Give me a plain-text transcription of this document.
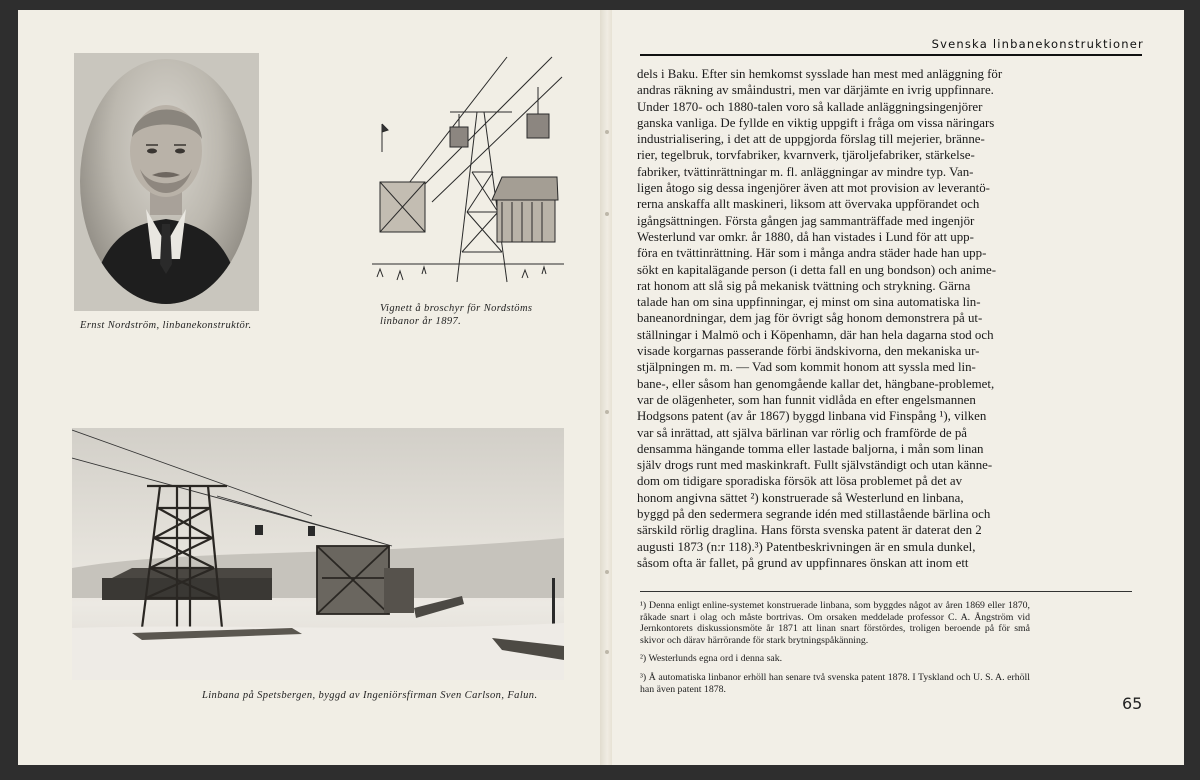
Ernst Nordström, linbanekonstruktör.
Vignett å broschyr för Nordstöms
linbanor år 1897.
Linbana på Spetsbergen, byggd av Ingeniörsfirman Sven Carlson, Falun.
Svenska linbanekonstruktioner

dels i Baku. Efter sin hemkomst sysslade han mest med anläggning för

andras räkning av småindustri, men var därjämte en ivrig uppfinnare.

Under 1870- och 1880-talen voro så kallade anläggningsingenjörer

ganska vanliga. De fyllde en viktig uppgift i fråga om vissa näringars

industrialisering, i det att de uppgjorda förslag till mejerier, bränne-

rier, tegelbruk, torvfabriker, kvarnverk, tjäroljefabriker, stärkelse-

fabriker, tvättinrättningar m. fl. anläggningar av mindre typ. Van-

ligen åtogo sig dessa ingenjörer även att mot provision av leverantö-

rerna anskaffa allt maskineri, liksom att övervaka uppförandet och

igångsättningen. Första gången jag sammanträffade med ingenjör

Westerlund var omkr. år 1880, då han vistades i Lund för att upp-

föra en tvättinrättning. Här som i många andra städer hade han upp-

sökt en kapitalägande person (i detta fall en ung bondson) och anime-

rat honom att slå sig på mekanisk tvättning och strykning. Gärna

talade han om sina uppfinningar, ej minst om sina automatiska lin-

baneanordningar, dem jag för övrigt såg honom demonstrera på ut-

ställningar i Malmö och i Köpenhamn, där han hela dagarna stod och

visade korgarnas passerande förbi ändskivorna, den mekaniska ur-

stjälpningen m. m. — Vad som kommit honom att syssla med lin-

bane-, eller såsom han genomgående kallar det, hängbane-problemet,

var de olägenheter, som han funnit vidlåda en efter engelsmannen

Hodgsons patent (av år 1867) byggd linbana vid Finspång ¹), vilken

var så inrättad, att själva bärlinan var rörlig och framförde de på

densamma hängande tomma eller lastade baljorna, i mån som linan

själv drogs runt med maskinkraft. Fullt självständigt och utan känne-

dom om tidigare sporadiska försök att lösa problemet på det av

honom angivna sättet ²) konstruerade så Westerlund en linbana,

byggd på den sedermera segrande idén med stillastående bärlina och

särskild rörlig draglina. Hans första svenska patent är daterat den 2

augusti 1873 (n:r 118).³) Patentbeskrivningen är en smula dunkel,

såsom ofta är fallet, på grund av uppfinnares önskan att inom ett

¹) Denna enligt enline-systemet konstruerade linbana, som byggdes något av åren 1869 eller 1870, råkade snart i olag och måste bortrivas. Om orsaken meddelade professor C. A. Ångström vid Jernkontorets diskussionsmöte år 1871 att linan snart förstördes, troligen beroende på för små skivor och därav härrörande för stark brytningspåkänning.

²) Westerlunds egna ord i denna sak.

³) Å automatiska linbanor erhöll han senare två svenska patent 1878. I Tyskland och U. S. A. erhöll han även patent 1878.

65
